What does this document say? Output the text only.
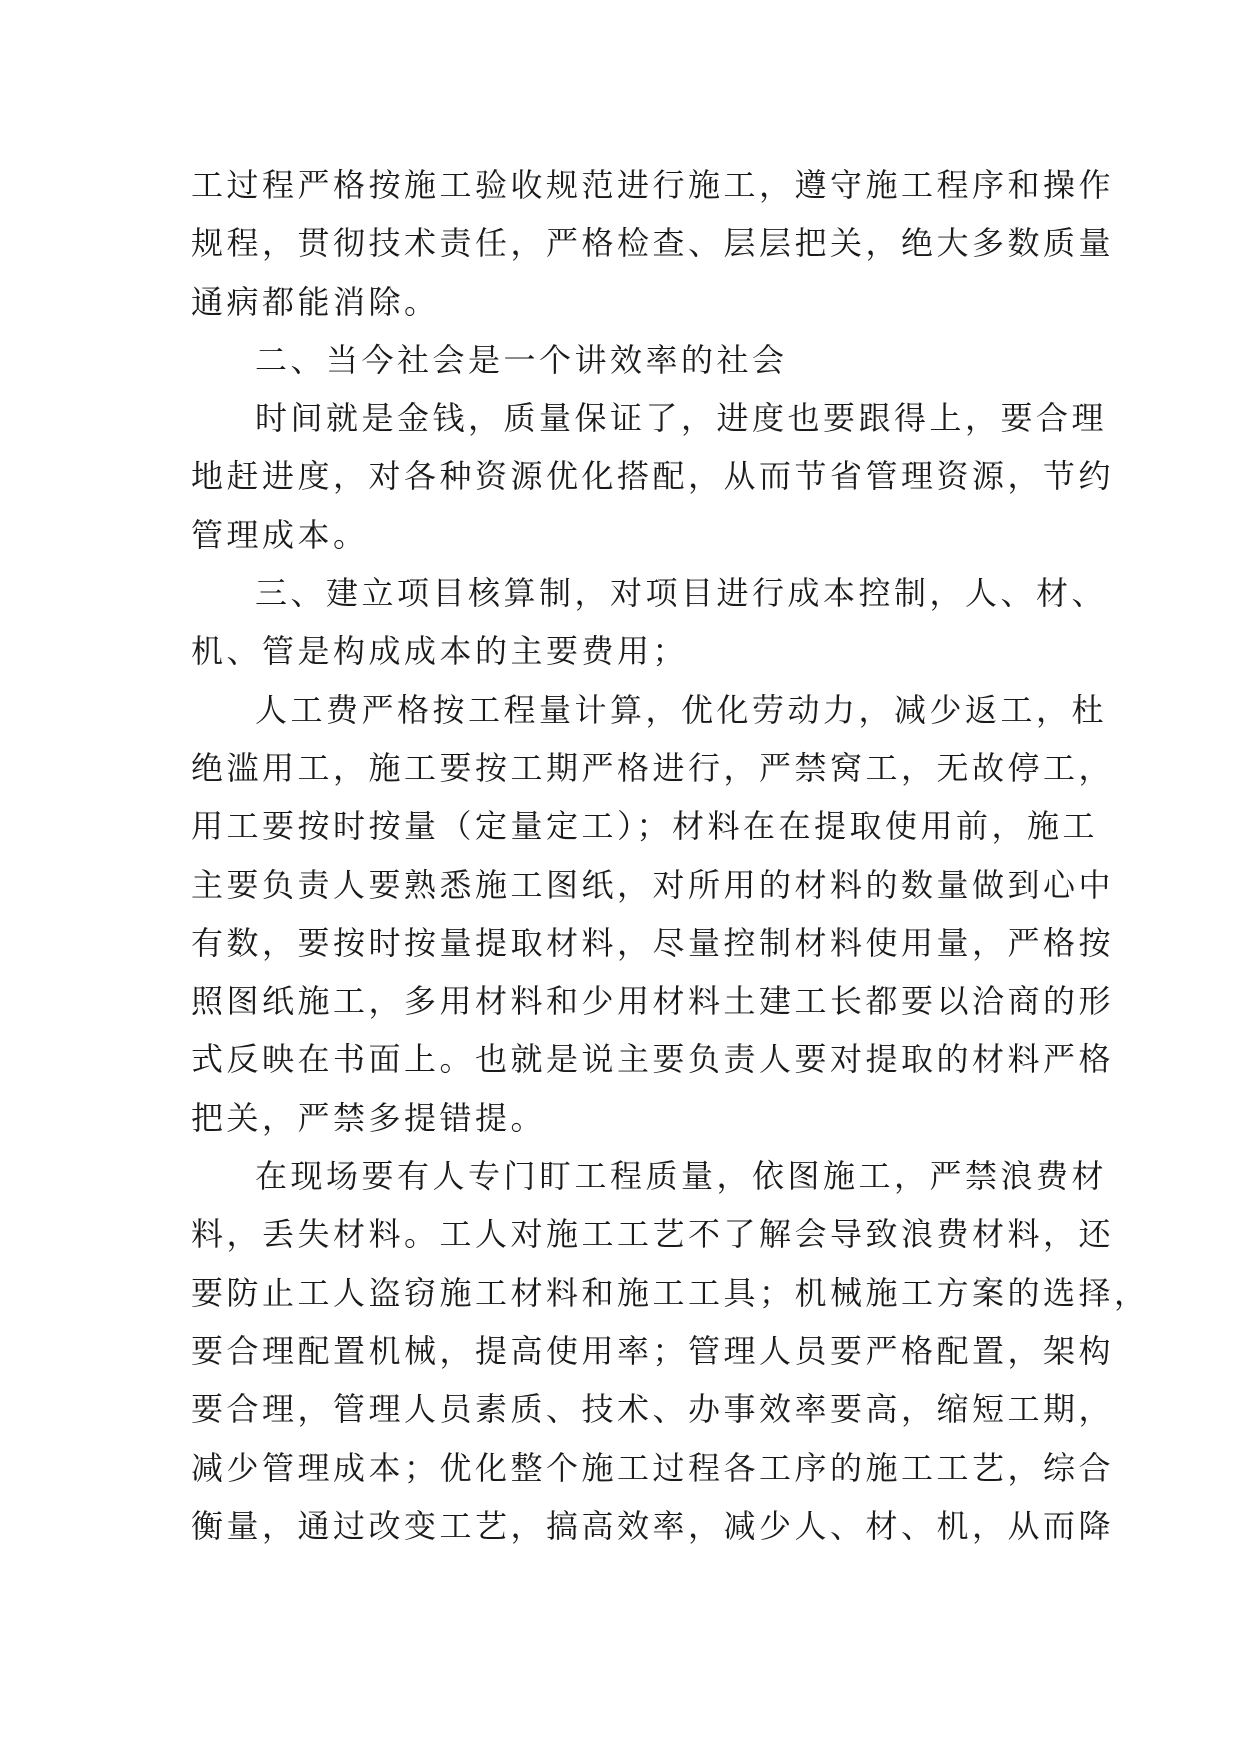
工过程严格按施工验收规范进行施工，遵守施工程序和操作
规程，贯彻技术责任，严格检查、层层把关，绝大多数质量
通病都能消除。
二、当今社会是一个讲效率的社会
时间就是金钱，质量保证了，进度也要跟得上，要合理
地赶进度，对各种资源优化搭配，从而节省管理资源，节约
管理成本。
三、建立项目核算制，对项目进行成本控制，人、材、
机、管是构成成本的主要费用；
人工费严格按工程量计算，优化劳动力，减少返工，杜
绝滥用工，施工要按工期严格进行，严禁窝工，无故停工，
用工要按时按量（定量定工）；材料在在提取使用前，施工
主要负责人要熟悉施工图纸，对所用的材料的数量做到心中
有数，要按时按量提取材料，尽量控制材料使用量，严格按
照图纸施工，多用材料和少用材料土建工长都要以洽商的形
式反映在书面上。也就是说主要负责人要对提取的材料严格
把关，严禁多提错提。
在现场要有人专门盯工程质量，依图施工，严禁浪费材
料，丢失材料。工人对施工工艺不了解会导致浪费材料，还
要防止工人盗窃施工材料和施工工具；机械施工方案的选择，
要合理配置机械，提高使用率；管理人员要严格配置，架构
要合理，管理人员素质、技术、办事效率要高，缩短工期，
减少管理成本；优化整个施工过程各工序的施工工艺，综合
衡量，通过改变工艺，搞高效率，减少人、材、机，从而降
